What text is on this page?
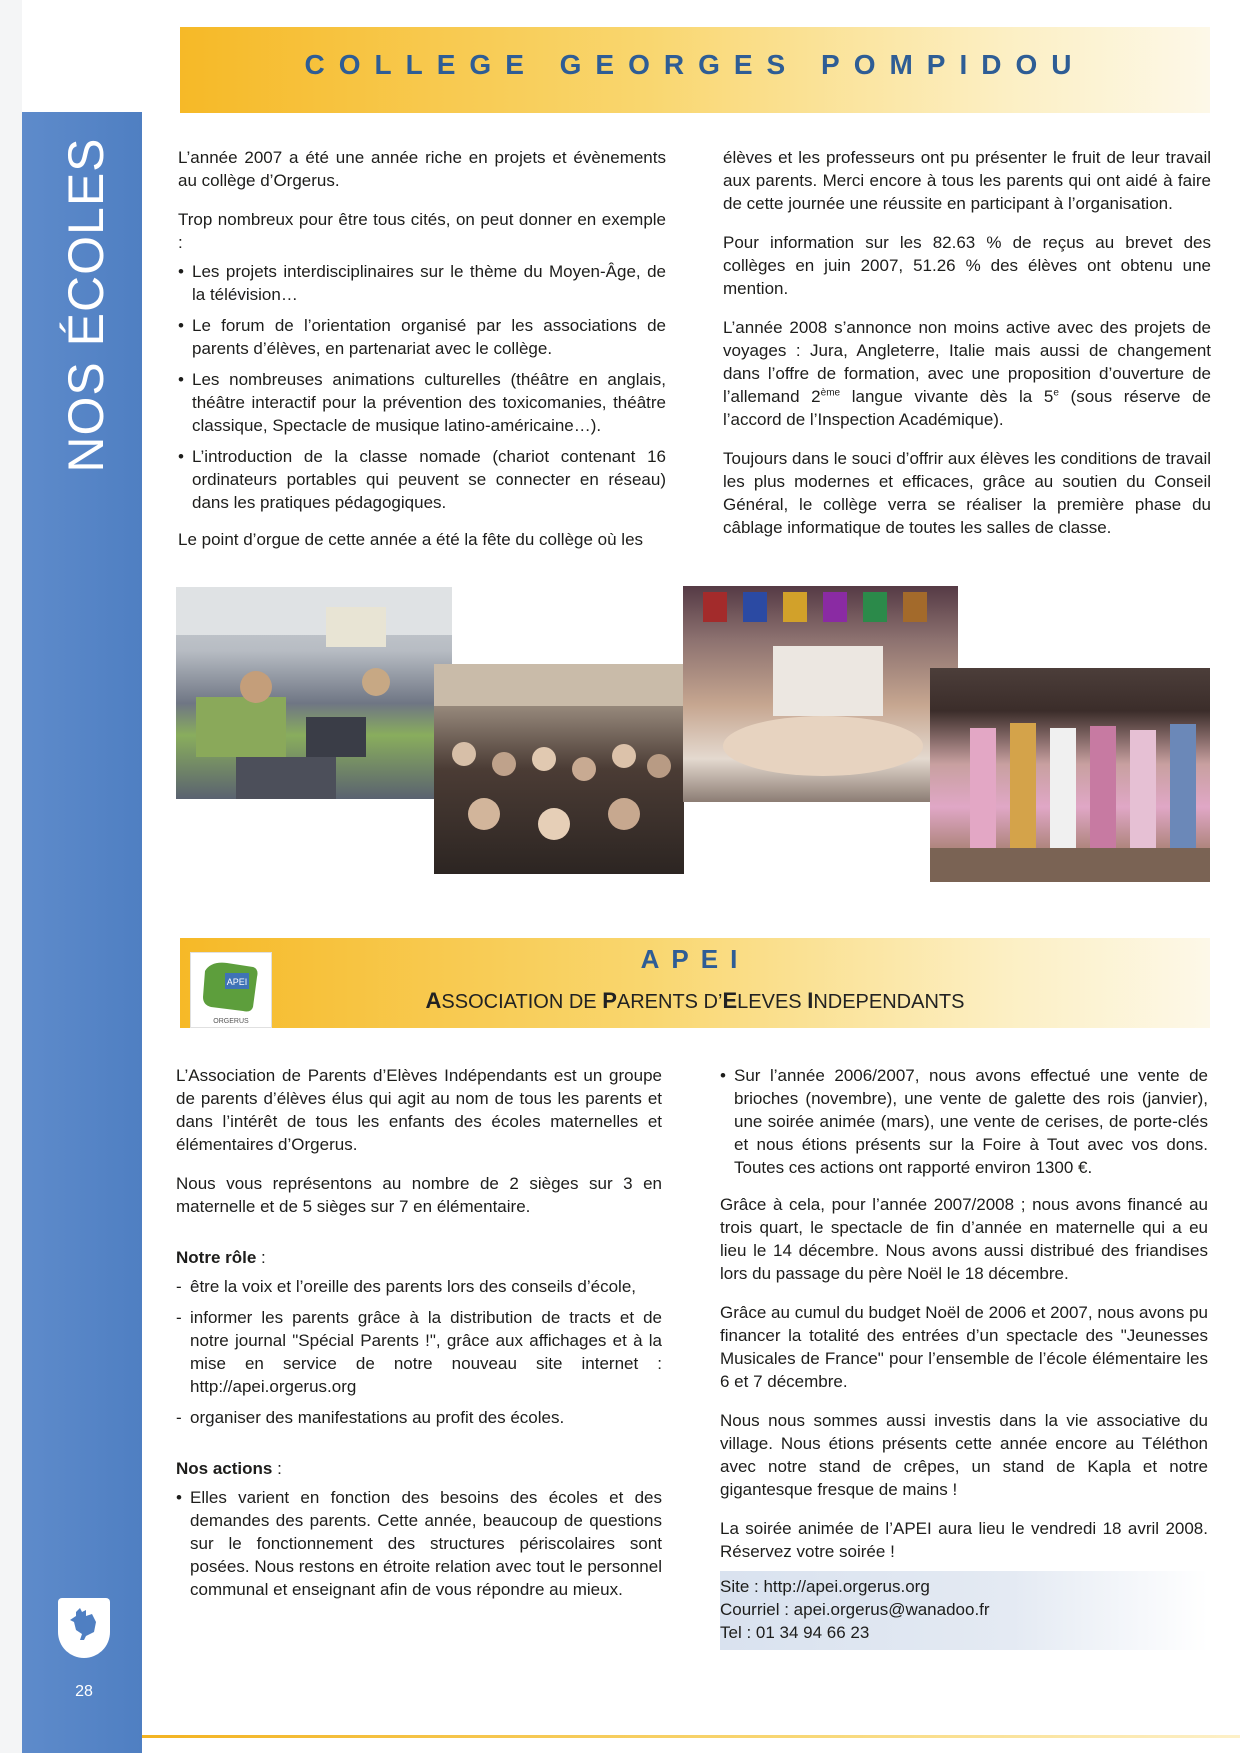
NOS ÉCOLES
28
COLLEGE GEORGES POMPIDOU

L’année 2007 a été une année riche en projets et évènements au collège d’Orgerus.

Trop nombreux pour être tous cités, on peut donner en exemple :

• Les projets interdisciplinaires sur le thème du Moyen-Âge, de la télévision…
• Le forum de l’orientation organisé par les associations de parents d’élèves, en partenariat avec le collège.
• Les nombreuses animations culturelles (théâtre en anglais, théâtre interactif pour la prévention des toxicomanies, théâtre classique, Spectacle de musique latino-américaine…).
• L’introduction de la classe nomade (chariot contenant 16 ordinateurs portables qui peuvent se connecter en réseau) dans les pratiques pédagogiques.

Le point d’orgue de cette année a été la fête du collège où les

élèves et les professeurs ont pu présenter le fruit de leur travail aux parents. Merci encore à tous les parents qui ont aidé à faire de cette journée une réussite en participant à l’organisation.

Pour information sur les 82.63 % de reçus au brevet des collèges en juin 2007, 51.26 % des élèves ont obtenu une mention.

L’année 2008 s’annonce non moins active avec des projets de voyages : Jura, Angleterre, Italie mais aussi de changement dans l’offre de formation, avec une proposition d’ouverture de l’allemand 2ème langue vivante dès la 5e (sous réserve de l’accord de l’Inspection Académique).

Toujours dans le souci d’offrir aux élèves les conditions de travail les plus modernes et efficaces, grâce au soutien du Conseil Général, le collège verra se réaliser la première phase du câblage informatique de toutes les salles de classe.

APEI
ORGERUS
APEI
ASSOCIATION DE PARENTS D’ELEVES INDEPENDANTS

L’Association de Parents d’Elèves Indépendants est un groupe de parents d’élèves élus qui agit au nom de tous les parents et dans l’intérêt de tous les enfants des écoles maternelles et élémentaires d’Orgerus.

Nous vous représentons au nombre de 2 sièges sur 3 en maternelle et de 5 sièges sur 7 en élémentaire.

Notre rôle :
- être la voix et l’oreille des parents lors des conseils d’école,
- informer les parents grâce à la distribution de tracts et de notre journal "Spécial Parents !", grâce aux affichages et à la mise en service de notre nouveau site internet : http://apei.orgerus.org
- organiser des manifestations au profit des écoles.
Nos actions :
• Elles varient en fonction des besoins des écoles et des demandes des parents. Cette année, beaucoup de questions sur le fonctionnement des structures périscolaires sont posées. Nous restons en étroite relation avec tout le personnel communal et enseignant afin de vous répondre au mieux.
• Sur l’année 2006/2007, nous avons effectué une vente de brioches (novembre), une vente de galette des rois (janvier), une soirée animée (mars), une vente de cerises, de porte-clés et nous étions présents sur la Foire à Tout avec vos dons. Toutes ces actions ont rapporté environ 1300 €.

Grâce à cela, pour l’année 2007/2008 ; nous avons financé au trois quart, le spectacle de fin d’année en maternelle qui a eu lieu le 14 décembre. Nous avons aussi distribué des friandises lors du passage du père Noël le 18 décembre.

Grâce au cumul du budget Noël de 2006 et 2007, nous avons pu financer la totalité des entrées d’un spectacle des "Jeunesses Musicales de France" pour l’ensemble de l’école élémentaire les 6 et 7 décembre.

Nous nous sommes aussi investis dans la vie associative du village. Nous étions présents cette année encore au Téléthon avec notre stand de crêpes, un stand de Kapla et notre gigantesque fresque de mains !

La soirée animée de l’APEI aura lieu le vendredi 18 avril 2008. Réservez votre soirée !

Site : http://apei.orgerus.org
Courriel : apei.orgerus@wanadoo.fr
Tel : 01 34 94 66 23
